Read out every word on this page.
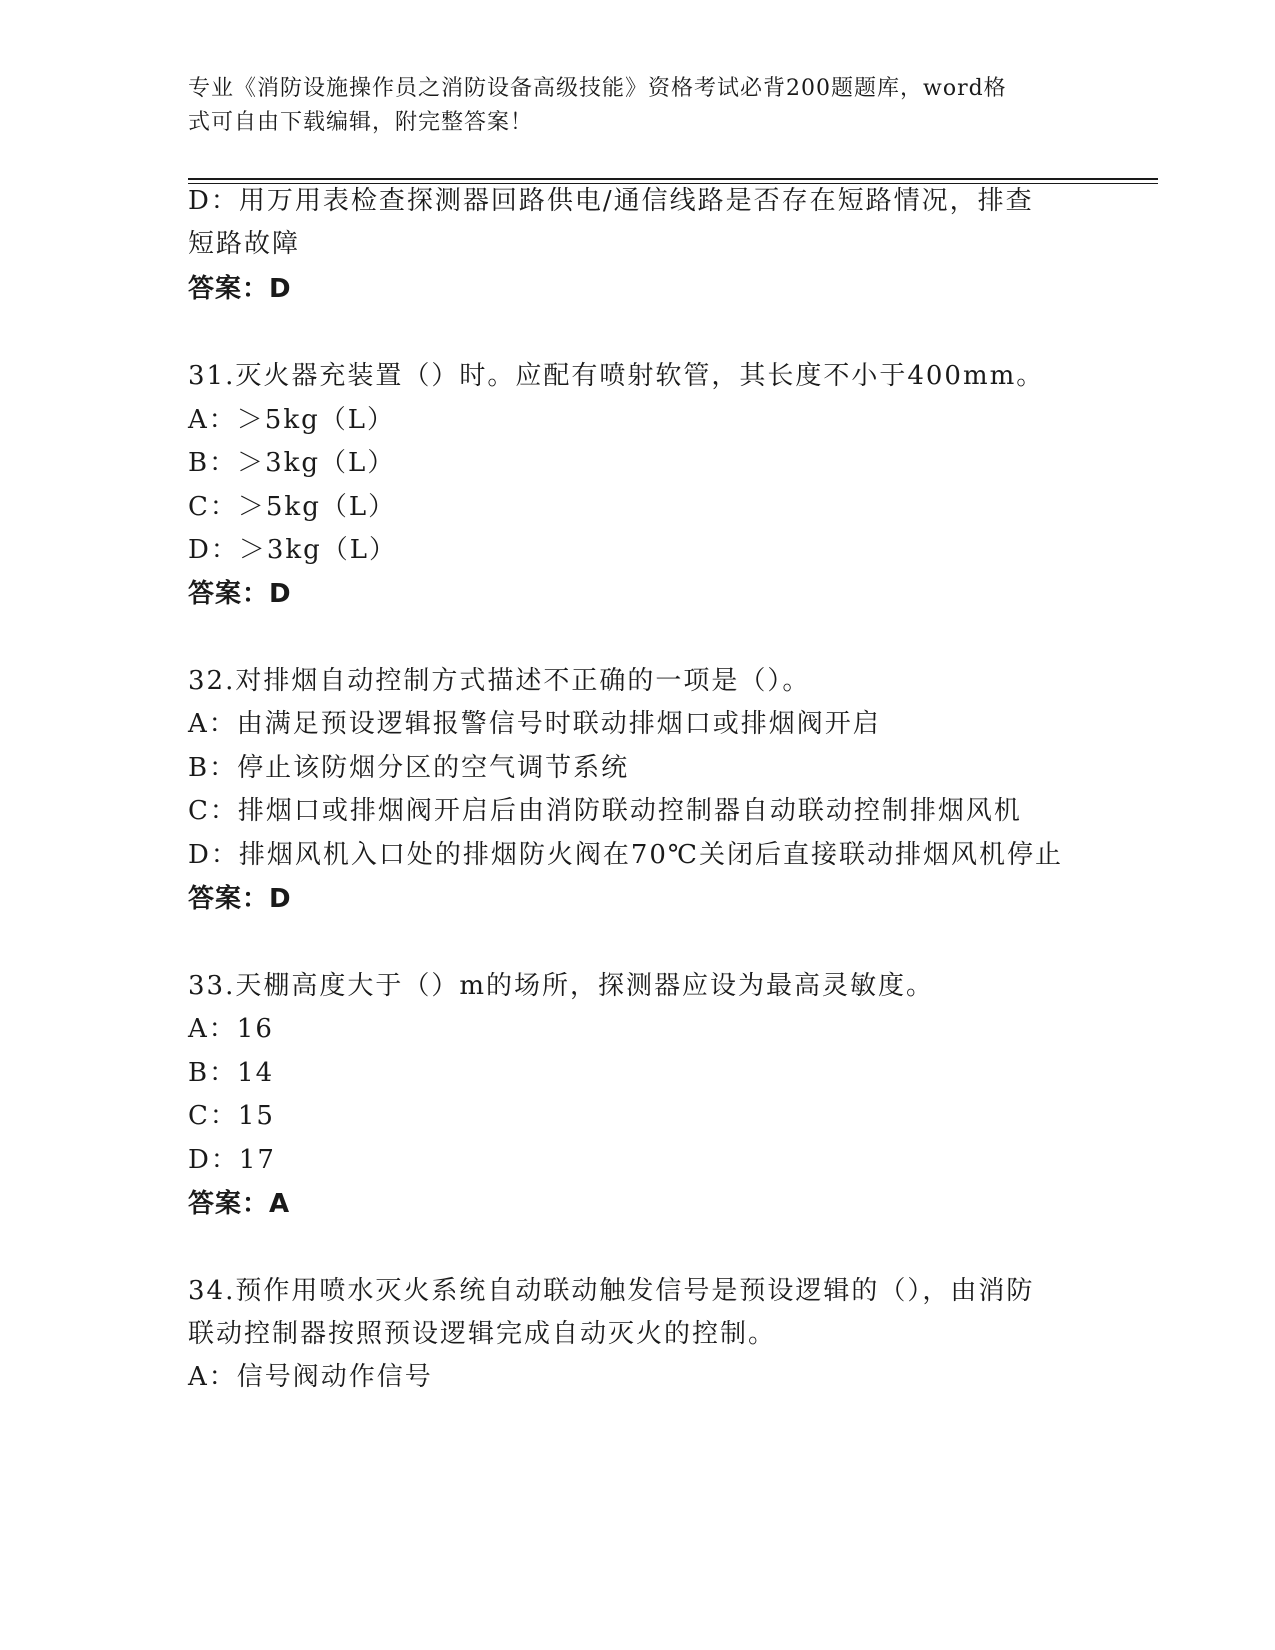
专业《消防设施操作员之消防设备高级技能》资格考试必背200题题库，word格
式可自由下载编辑，附完整答案！
D：用万用表检查探测器回路供电/通信线路是否存在短路情况，排查
短路故障
答案：D
31.灭火器充装置（）时。应配有喷射软管，其长度不小于400mm。
A：＞5kg（L）
B：＞3kg（L）
C：＞5kg（L）
D：＞3kg（L）
答案：D
32.对排烟自动控制方式描述不正确的一项是（）。
A：由满足预设逻辑报警信号时联动排烟口或排烟阀开启
B：停止该防烟分区的空气调节系统
C：排烟口或排烟阀开启后由消防联动控制器自动联动控制排烟风机
D：排烟风机入口处的排烟防火阀在70℃关闭后直接联动排烟风机停止
答案：D
33.天棚高度大于（）m的场所，探测器应设为最高灵敏度。
A：16
B：14
C：15
D：17
答案：A
34.预作用喷水灭火系统自动联动触发信号是预设逻辑的（），由消防
联动控制器按照预设逻辑完成自动灭火的控制。
A：信号阀动作信号
